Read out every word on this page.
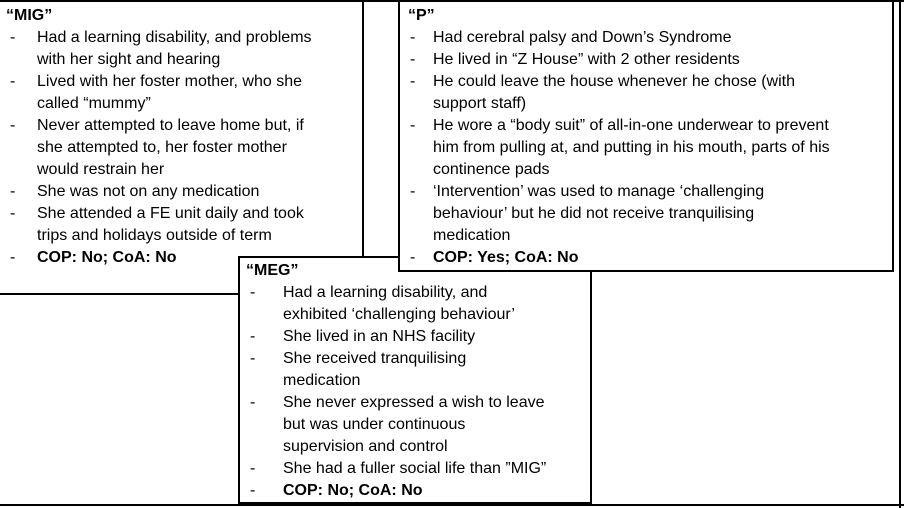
“MIG”
-	Had a learning disability, and problems
with her sight and hearing
-	Lived with her foster mother, who she
called “mummy”
-	Never attempted to leave home but, if
she attempted to, her foster mother
would restrain her
-	She was not on any medication
-	She attended a FE unit daily and took
trips and holidays outside of term
-	COP: No; CoA: No
“P”
-	Had cerebral palsy and Down’s Syndrome
-	He lived in “Z House” with 2 other residents
-	He could leave the house whenever he chose (with
support staff)
-	He wore a “body suit” of all-in-one underwear to prevent
him from pulling at, and putting in his mouth, parts of his
continence pads
-	‘Intervention’ was used to manage ‘challenging
behaviour’ but he did not receive tranquilising
medication
-	COP: Yes; CoA: No
“MEG”
-	Had a learning disability, and
exhibited ‘challenging behaviour’
-	She lived in an NHS facility
-	She received tranquilising
medication
-	She never expressed a wish to leave
but was under continuous
supervision and control
-	She had a fuller social life than ”MIG”
-	COP: No; CoA: No
